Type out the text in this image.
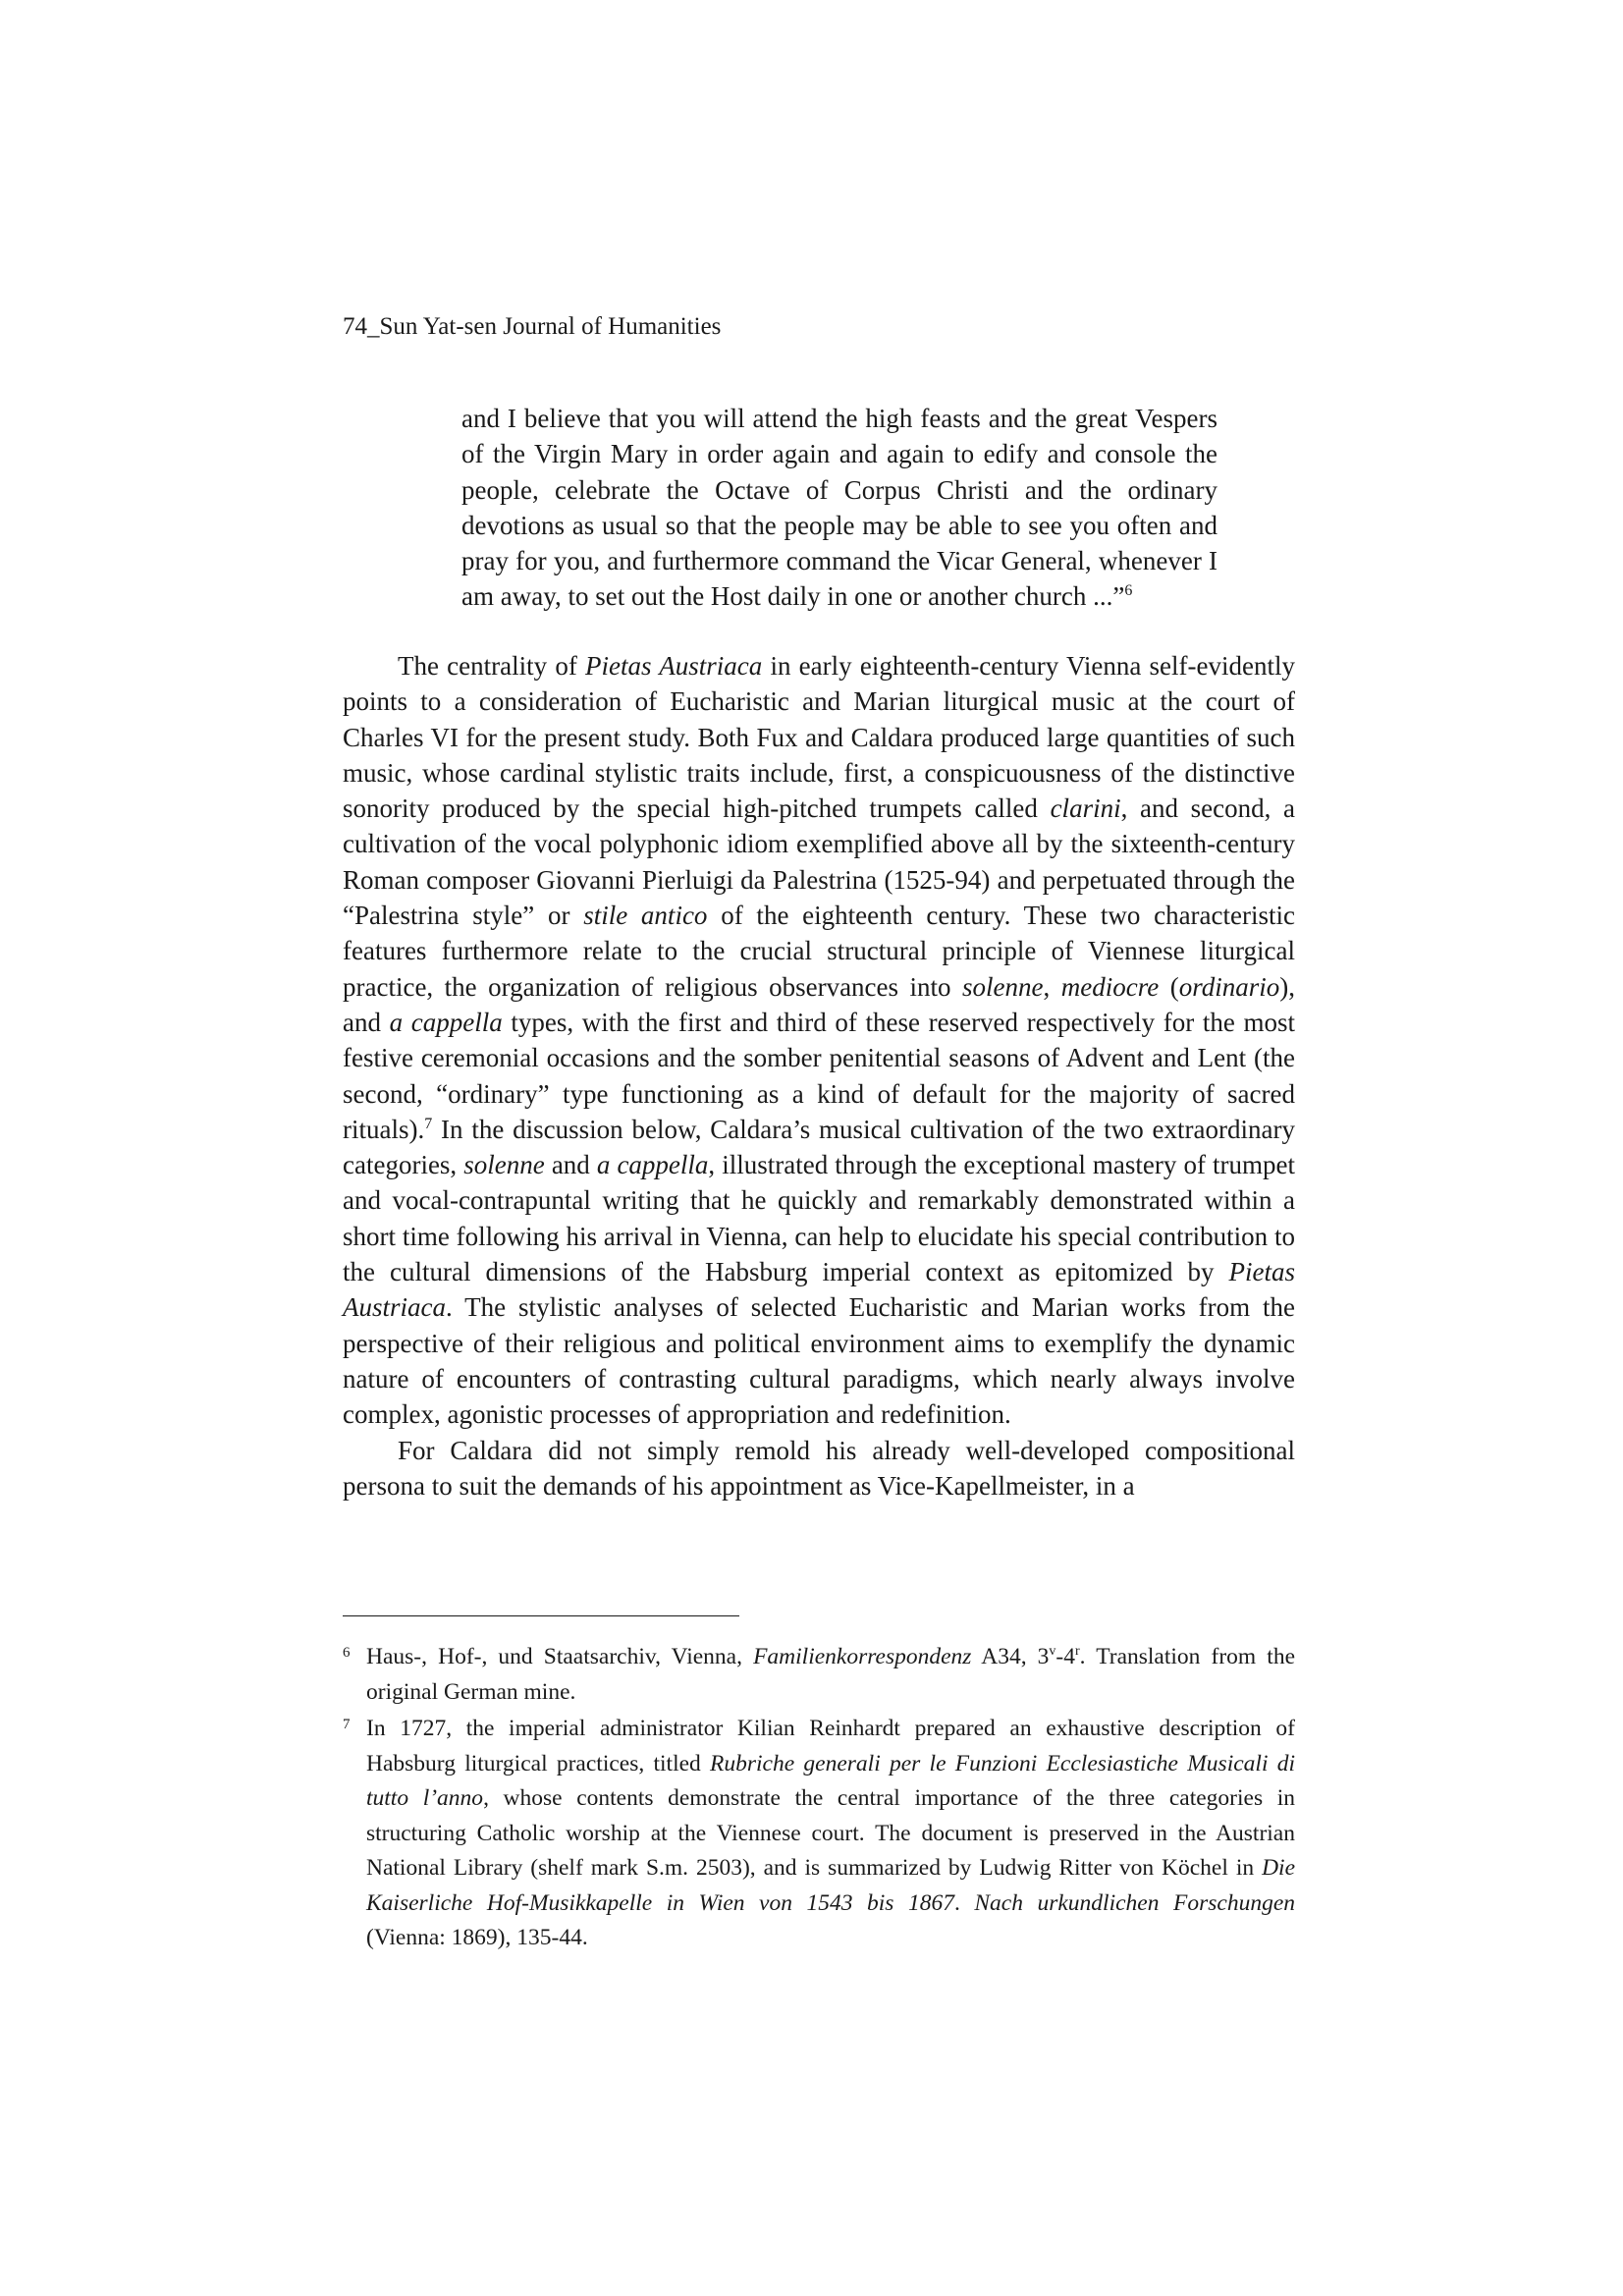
74_Sun Yat-sen Journal of Humanities

and I believe that you will attend the high feasts and the great Vespers of the Virgin Mary in order again and again to edify and console the people, celebrate the Octave of Corpus Christi and the ordinary devotions as usual so that the people may be able to see you often and pray for you, and furthermore command the Vicar General, whenever I am away, to set out the Host daily in one or another church ...”$^6$

The centrality of Pietas Austriaca in early eighteenth-century Vienna self-evidently points to a consideration of Eucharistic and Marian liturgical music at the court of Charles VI for the present study. Both Fux and Caldara produced large quantities of such music, whose cardinal stylistic traits include, first, a conspicuousness of the distinctive sonority produced by the special high-pitched trumpets called clarini, and second, a cultivation of the vocal polyphonic idiom exemplified above all by the sixteenth-century Roman composer Giovanni Pierluigi da Palestrina (1525-94) and perpetuated through the “Palestrina style” or stile antico of the eighteenth century. These two characteristic features furthermore relate to the crucial structural principle of Viennese liturgical practice, the organization of religious observances into solenne, mediocre (ordinario), and a cappella types, with the first and third of these reserved respectively for the most festive ceremonial occasions and the somber penitential seasons of Advent and Lent (the second, “ordinary” type functioning as a kind of default for the majority of sacred rituals).$^7$ In the discussion below, Caldara’s musical cultivation of the two extraordinary categories, solenne and a cappella, illustrated through the exceptional mastery of trumpet and vocal-contrapuntal writing that he quickly and remarkably demonstrated within a short time following his arrival in Vienna, can help to elucidate his special contribution to the cultural dimensions of the Habsburg imperial context as epitomized by Pietas Austriaca. The stylistic analyses of selected Eucharistic and Marian works from the perspective of their religious and political environment aims to exemplify the dynamic nature of encounters of contrasting cultural paradigms, which nearly always involve complex, agonistic processes of appropriation and redefinition.

For Caldara did not simply remold his already well-developed compositional persona to suit the demands of his appointment as Vice-Kapellmeister, in a

6 Haus-, Hof-, und Staatsarchiv, Vienna, Familienkorrespondenz A34, 3$^v$-4$^r$. Translation from the original German mine.

7 In 1727, the imperial administrator Kilian Reinhardt prepared an exhaustive description of Habsburg liturgical practices, titled Rubriche generali per le Funzioni Ecclesiastiche Musicali di tutto l’anno, whose contents demonstrate the central importance of the three categories in structuring Catholic worship at the Viennese court. The document is preserved in the Austrian National Library (shelf mark S.m. 2503), and is summarized by Ludwig Ritter von Köchel in Die Kaiserliche Hof-Musikkapelle in Wien von 1543 bis 1867. Nach urkundlichen Forschungen (Vienna: 1869), 135-44.
